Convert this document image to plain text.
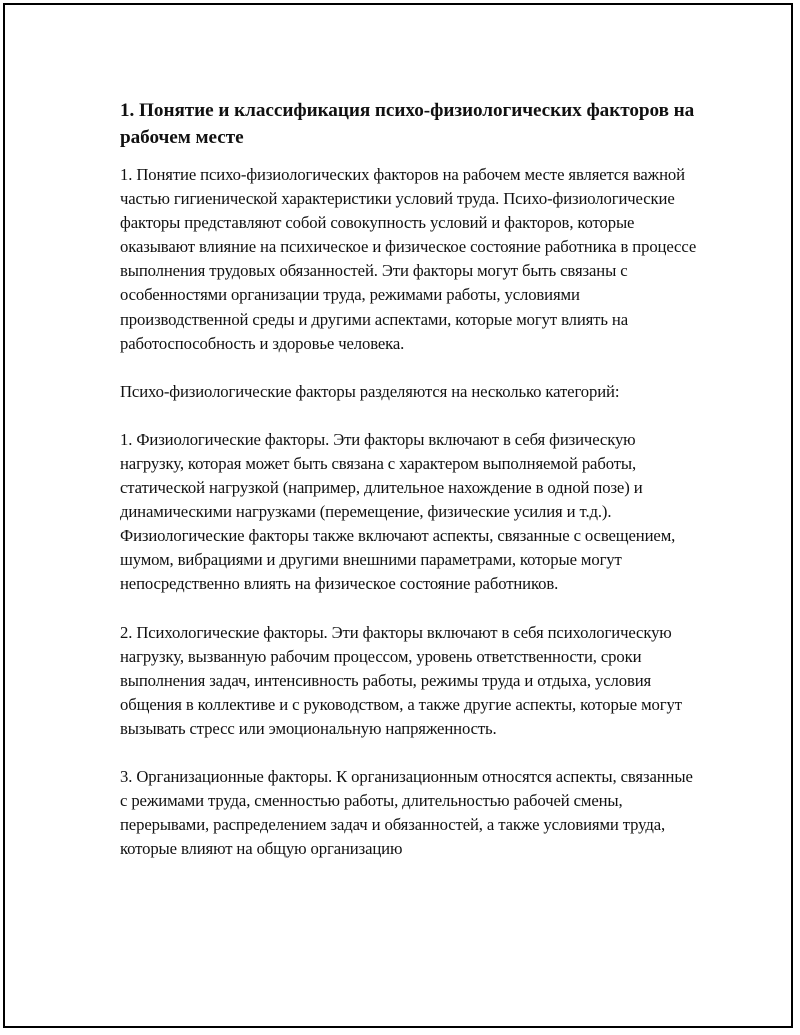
1. Понятие и классификация психо-физиологических факторов на рабочем месте

1. Понятие психо-физиологических факторов на рабочем месте является важной частью гигиенической характеристики условий труда. Психо-физиологические факторы представляют собой совокупность условий и факторов, которые оказывают влияние на психическое и физическое состояние работника в процессе выполнения трудовых обязанностей. Эти факторы могут быть связаны с особенностями организации труда, режимами работы, условиями производственной среды и другими аспектами, которые могут влиять на работоспособность и здоровье человека.

Психо-физиологические факторы разделяются на несколько категорий:

1. Физиологические факторы. Эти факторы включают в себя физическую нагрузку, которая может быть связана с характером выполняемой работы, статической нагрузкой (например, длительное нахождение в одной позе) и динамическими нагрузками (перемещение, физические усилия и т.д.). Физиологические факторы также включают аспекты, связанные с освещением, шумом, вибрациями и другими внешними параметрами, которые могут непосредственно влиять на физическое состояние работников.

2. Психологические факторы. Эти факторы включают в себя психологическую нагрузку, вызванную рабочим процессом, уровень ответственности, сроки выполнения задач, интенсивность работы, режимы труда и отдыха, условия общения в коллективе и с руководством, а также другие аспекты, которые могут вызывать стресс или эмоциональную напряженность.

3. Организационные факторы. К организационным относятся аспекты, связанные с режимами труда, сменностью работы, длительностью рабочей смены, перерывами, распределением задач и обязанностей, а также условиями труда, которые влияют на общую организацию
